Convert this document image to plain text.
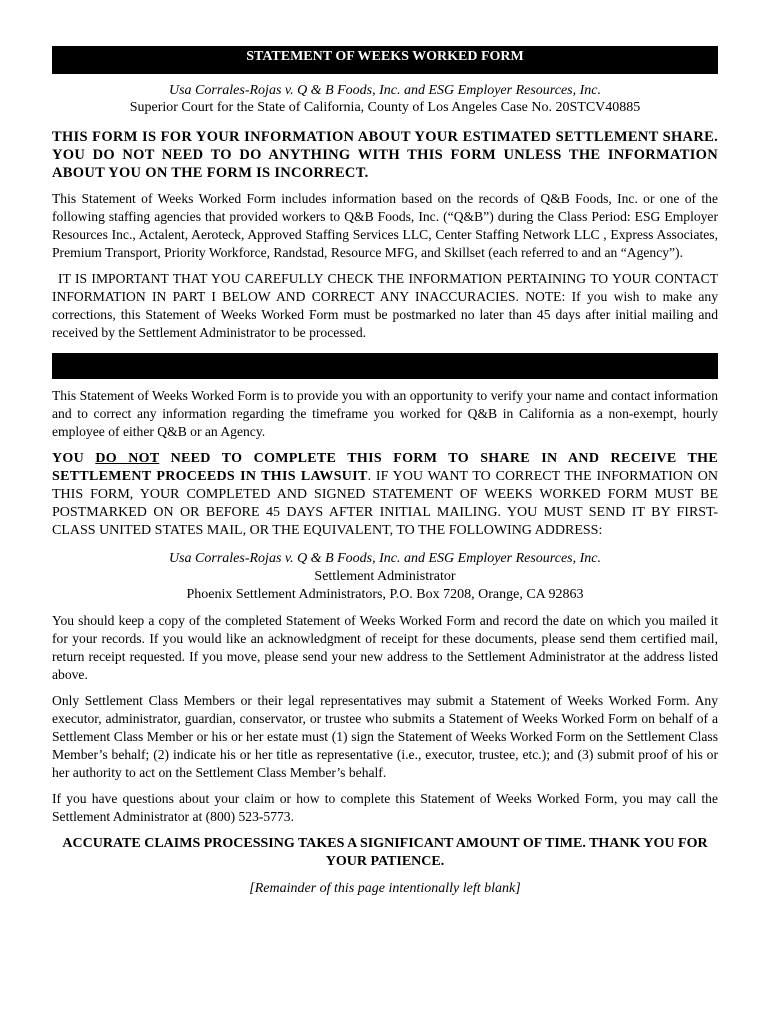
STATEMENT OF WEEKS WORKED FORM
Usa Corrales-Rojas v. Q & B Foods, Inc. and ESG Employer Resources, Inc.
Superior Court for the State of California, County of Los Angeles Case No. 20STCV40885
THIS FORM IS FOR YOUR INFORMATION ABOUT YOUR ESTIMATED SETTLEMENT SHARE. YOU DO NOT NEED TO DO ANYTHING WITH THIS FORM UNLESS THE INFORMATION ABOUT YOU ON THE FORM IS INCORRECT.

This Statement of Weeks Worked Form includes information based on the records of Q&B Foods, Inc. or one of the following staffing agencies that provided workers to Q&B Foods, Inc. (“Q&B”) during the Class Period: ESG Employer Resources Inc., Actalent, Aeroteck, Approved Staffing Services LLC, Center Staffing Network LLC , Express Associates, Premium Transport, Priority Workforce, Randstad, Resource MFG, and Skillset (each referred to and an “Agency”).

IT IS IMPORTANT THAT YOU CAREFULLY CHECK THE INFORMATION PERTAINING TO YOUR CONTACT INFORMATION IN PART I BELOW AND CORRECT ANY INACCURACIES. NOTE: If you wish to make any corrections, this Statement of Weeks Worked Form must be postmarked no later than 45 days after initial mailing and received by the Settlement Administrator to be processed.

This Statement of Weeks Worked Form is to provide you with an opportunity to verify your name and contact information and to correct any information regarding the timeframe you worked for Q&B in California as a non-exempt, hourly employee of either Q&B or an Agency.

YOU DO NOT NEED TO COMPLETE THIS FORM TO SHARE IN AND RECEIVE THE SETTLEMENT PROCEEDS IN THIS LAWSUIT. IF YOU WANT TO CORRECT THE INFORMATION ON THIS FORM, YOUR COMPLETED AND SIGNED STATEMENT OF WEEKS WORKED FORM MUST BE POSTMARKED ON OR BEFORE 45 DAYS AFTER INITIAL MAILING. YOU MUST SEND IT BY FIRST-CLASS UNITED STATES MAIL, OR THE EQUIVALENT, TO THE FOLLOWING ADDRESS:
Usa Corrales-Rojas v. Q & B Foods, Inc. and ESG Employer Resources, Inc.
Settlement Administrator
Phoenix Settlement Administrators, P.O. Box 7208, Orange, CA 92863

You should keep a copy of the completed Statement of Weeks Worked Form and record the date on which you mailed it for your records. If you would like an acknowledgment of receipt for these documents, please send them certified mail, return receipt requested. If you move, please send your new address to the Settlement Administrator at the address listed above.

Only Settlement Class Members or their legal representatives may submit a Statement of Weeks Worked Form. Any executor, administrator, guardian, conservator, or trustee who submits a Statement of Weeks Worked Form on behalf of a Settlement Class Member or his or her estate must (1) sign the Statement of Weeks Worked Form on the Settlement Class Member’s behalf; (2) indicate his or her title as representative (i.e., executor, trustee, etc.); and (3) submit proof of his or her authority to act on the Settlement Class Member’s behalf.

If you have questions about your claim or how to complete this Statement of Weeks Worked Form, you may call the Settlement Administrator at (800) 523-5773.

ACCURATE CLAIMS PROCESSING TAKES A SIGNIFICANT AMOUNT OF TIME. THANK YOU FOR YOUR PATIENCE.
[Remainder of this page intentionally left blank]
